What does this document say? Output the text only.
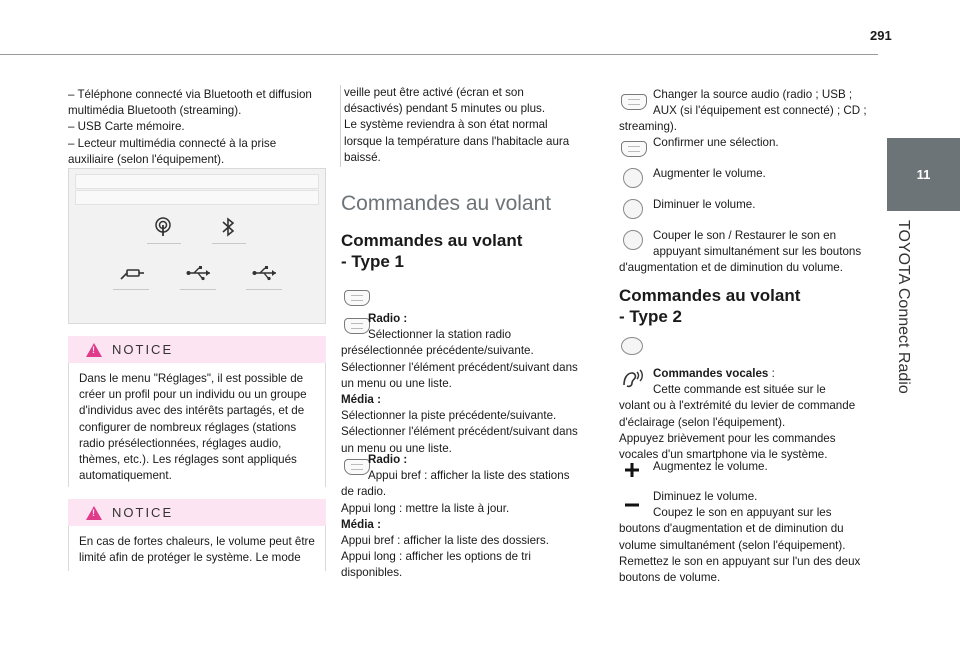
291
11
TOYOTA Connect Radio

– Téléphone connecté via Bluetooth et diffusion

multimédia Bluetooth (streaming).

– USB Carte mémoire.

– Lecteur multimédia connecté à la prise

auxiliaire (selon l'équipement).

!
NOTICE

Dans le menu "Réglages", il est possible de

créer un profil pour un individu ou un groupe

d'individus avec des intérêts partagés, et de

configurer de nombreux réglages (stations

radio présélectionnées, réglages audio,

thèmes, etc.). Les réglages sont appliqués

automatiquement.

!
NOTICE

En cas de fortes chaleurs, le volume peut être

limité afin de protéger le système. Le mode

veille peut être activé (écran et son

désactivés) pendant 5 minutes ou plus.

Le système reviendra à son état normal

lorsque la température dans l'habitacle aura

baissé.

Commandes au volant
Commandes au volant
- Type 1

Radio :

Sélectionner la station radio

présélectionnée précédente/suivante.

Sélectionner l'élément précédent/suivant dans

un menu ou une liste.

Média :

Sélectionner la piste précédente/suivante.

Sélectionner l'élément précédent/suivant dans

un menu ou une liste.

Radio :

Appui bref : afficher la liste des stations

de radio.

Appui long : mettre la liste à jour.

Média :

Appui bref : afficher la liste des dossiers.

Appui long : afficher les options de tri

disponibles.

Changer la source audio (radio ; USB ;

AUX (si l'équipement est connecté) ; CD ;

streaming).

Confirmer une sélection.
Augmenter le volume.
Diminuer le volume.

Couper le son / Restaurer le son en

appuyant simultanément sur les boutons

d'augmentation et de diminution du volume.

Commandes au volant
- Type 2

Commandes vocales :

Cette commande est située sur le

volant ou à l'extrémité du levier de commande

d'éclairage (selon l'équipement).

Appuyez brièvement pour les commandes

vocales d'un smartphone via le système.

Augmentez le volume.

Diminuez le volume.

Coupez le son en appuyant sur les

boutons d'augmentation et de diminution du

volume simultanément (selon l'équipement).

Remettez le son en appuyant sur l'un des deux

boutons de volume.
